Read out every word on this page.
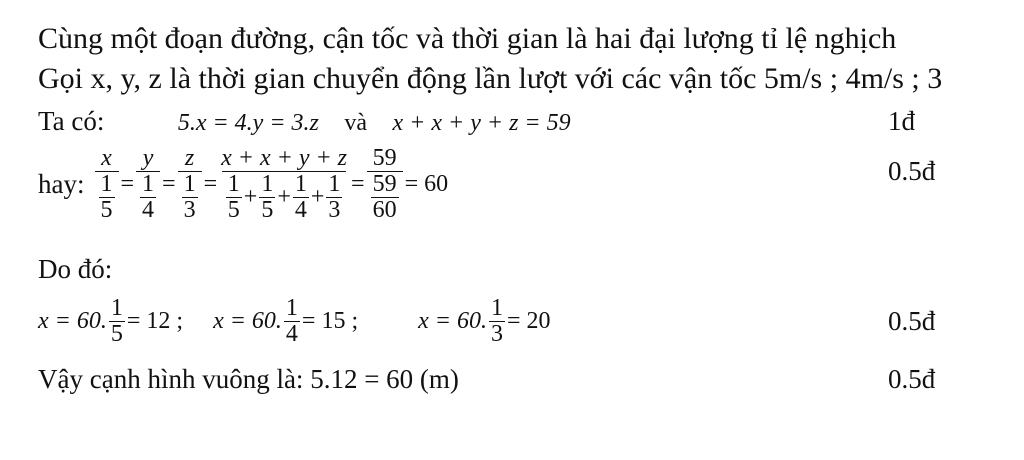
Cùng một đoạn đường, cận tốc và thời gian là hai đại lượng tỉ lệ nghịch
Gọi x, y, z là thời gian chuyển động lần lượt với các vận tốc 5m/s ; 4m/s ; 3
Ta có:	5.x = 4.y = 3.z và x + x + y + z = 59	1đ
hay: $\frac{x}{\frac{1}{5}} = \frac{y}{\frac{1}{4}} = \frac{z}{\frac{1}{3}} = \frac{x + x + y + z}{\frac{1}{5} + \frac{1}{5} + \frac{1}{4} + \frac{1}{3}} = \frac{59}{\frac{59}{60}} = 60$	0.5đ
Do đó:
x = 60. $\frac{1}{5} = 12$ ; x = 60. $\frac{1}{4} = 15$ ;	x = 60. $\frac{1}{3} = 20$	0.5đ
Vậy cạnh hình vuông là: 5.12 = 60 (m)	0.5đ
